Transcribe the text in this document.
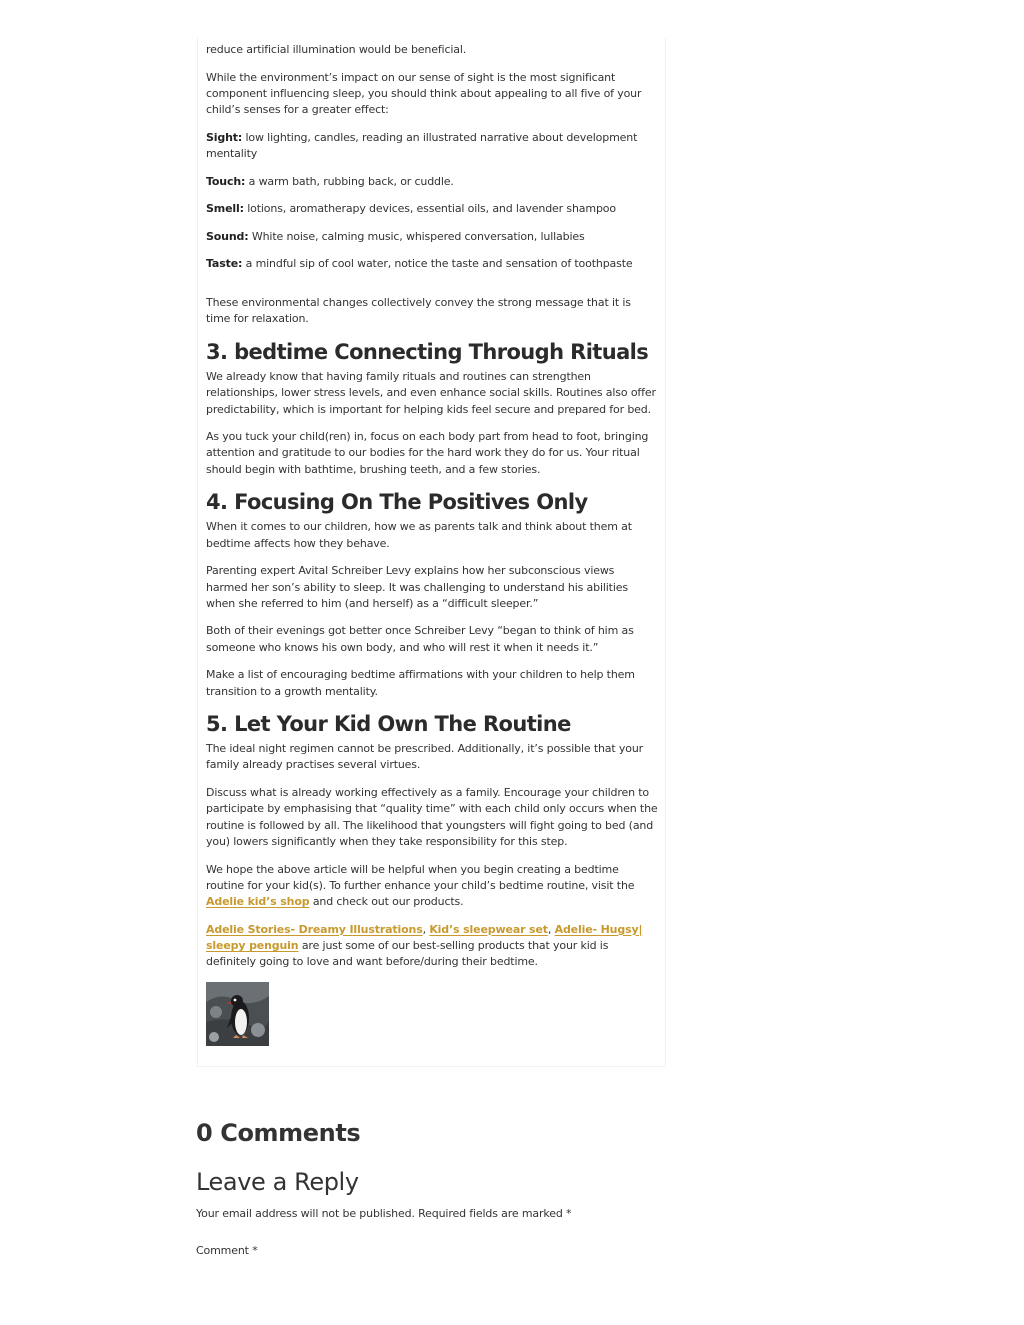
reduce artificial illumination would be beneficial.

While the environment’s impact on our sense of sight is the most significant component influencing sleep, you should think about appealing to all five of your child’s senses for a greater effect:

Sight: low lighting, candles, reading an illustrated narrative about development mentality

Touch: a warm bath, rubbing back, or cuddle.

Smell: lotions, aromatherapy devices, essential oils, and lavender shampoo

Sound: White noise, calming music, whispered conversation, lullabies

Taste: a mindful sip of cool water, notice the taste and sensation of toothpaste

These environmental changes collectively convey the strong message that it is time for relaxation.

3. bedtime Connecting Through Rituals

We already know that having family rituals and routines can strengthen relationships, lower stress levels, and even enhance social skills. Routines also offer predictability, which is important for helping kids feel secure and prepared for bed.

As you tuck your child(ren) in, focus on each body part from head to foot, bringing attention and gratitude to our bodies for the hard work they do for us. Your ritual should begin with bathtime, brushing teeth, and a few stories.

4. Focusing On The Positives Only

When it comes to our children, how we as parents talk and think about them at bedtime affects how they behave.

Parenting expert Avital Schreiber Levy explains how her subconscious views harmed her son’s ability to sleep. It was challenging to understand his abilities when she referred to him (and herself) as a “difficult sleeper.”

Both of their evenings got better once Schreiber Levy “began to think of him as someone who knows his own body, and who will rest it when it needs it.”

Make a list of encouraging bedtime affirmations with your children to help them transition to a growth mentality.

5. Let Your Kid Own The Routine

The ideal night regimen cannot be prescribed. Additionally, it’s possible that your family already practises several virtues.

Discuss what is already working effectively as a family. Encourage your children to participate by emphasising that “quality time” with each child only occurs when the routine is followed by all. The likelihood that youngsters will fight going to bed (and you) lowers significantly when they take responsibility for this step.

We hope the above article will be helpful when you begin creating a bedtime routine for your kid(s). To further enhance your child’s bedtime routine, visit the Adelie kid’s shop and check out our products.

Adelie Stories- Dreamy Illustrations, Kid’s sleepwear set, Adelie- Hugsy| sleepy penguin are just some of our best-selling products that your kid is definitely going to love and want before/during their bedtime.

0 Comments
Leave a Reply

Your email address will not be published. Required fields are marked *

Comment *
